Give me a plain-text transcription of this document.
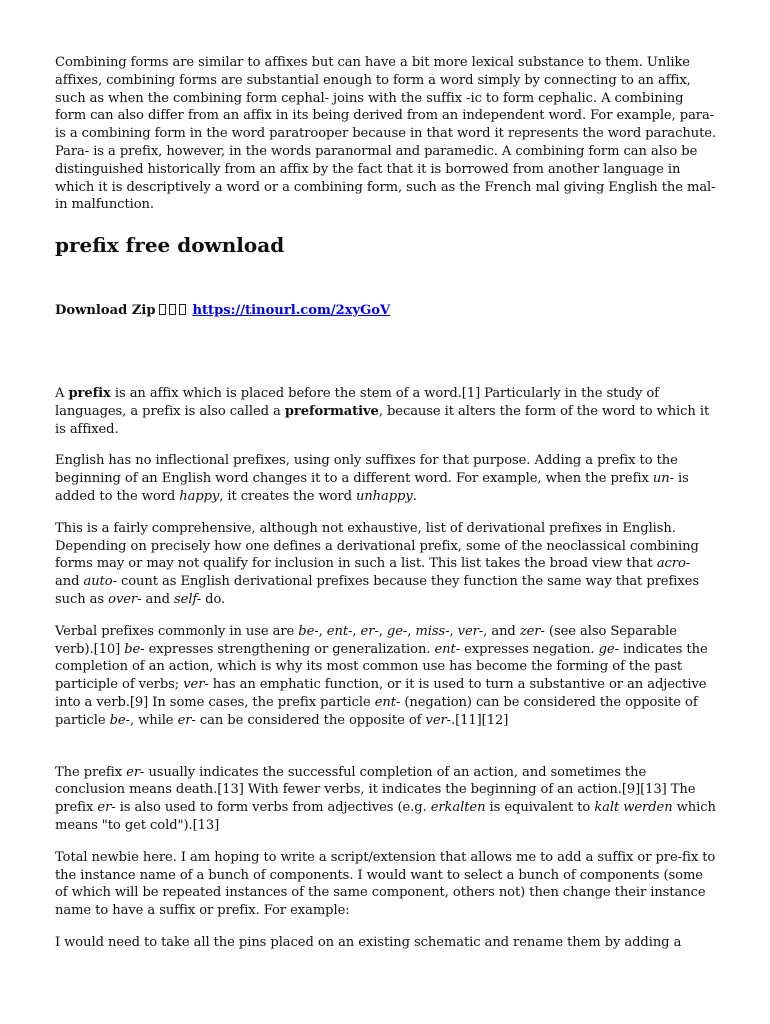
Combining forms are similar to affixes but can have a bit more lexical substance to them. Unlike affixes, combining forms are substantial enough to form a word simply by connecting to an affix, such as when the combining form cephal- joins with the suffix -ic to form cephalic. A combining form can also differ from an affix in its being derived from an independent word. For example, para- is a combining form in the word paratrooper because in that word it represents the word parachute. Para- is a prefix, however, in the words paranormal and paramedic. A combining form can also be distinguished historically from an affix by the fact that it is borrowed from another language in which it is descriptively a word or a combining form, such as the French mal giving English the mal- in malfunction.

prefix free download
Download Zip	https://tinourl.com/2xyGoV

A prefix is an affix which is placed before the stem of a word.[1] Particularly in the study of languages, a prefix is also called a preformative, because it alters the form of the word to which it is affixed.

English has no inflectional prefixes, using only suffixes for that purpose. Adding a prefix to the beginning of an English word changes it to a different word. For example, when the prefix un- is added to the word happy, it creates the word unhappy.

This is a fairly comprehensive, although not exhaustive, list of derivational prefixes in English. Depending on precisely how one defines a derivational prefix, some of the neoclassical combining forms may or may not qualify for inclusion in such a list. This list takes the broad view that acro- and auto- count as English derivational prefixes because they function the same way that prefixes such as over- and self- do.

Verbal prefixes commonly in use are be-, ent-, er-, ge-, miss-, ver-, and zer- (see also Separable verb).[10] be- expresses strengthening or generalization. ent- expresses negation. ge- indicates the completion of an action, which is why its most common use has become the forming of the past participle of verbs; ver- has an emphatic function, or it is used to turn a substantive or an adjective into a verb.[9] In some cases, the prefix particle ent- (negation) can be considered the opposite of particle be-, while er- can be considered the opposite of ver-.[11][12]

The prefix er- usually indicates the successful completion of an action, and sometimes the conclusion means death.[13] With fewer verbs, it indicates the beginning of an action.[9][13] The prefix er- is also used to form verbs from adjectives (e.g. erkalten is equivalent to kalt werden which means "to get cold").[13]

Total newbie here. I am hoping to write a script/extension that allows me to add a suffix or pre-fix to the instance name of a bunch of components. I would want to select a bunch of components (some of which will be repeated instances of the same component, others not) then change their instance name to have a suffix or prefix. For example:

I would need to take all the pins placed on an existing schematic and rename them by adding a
